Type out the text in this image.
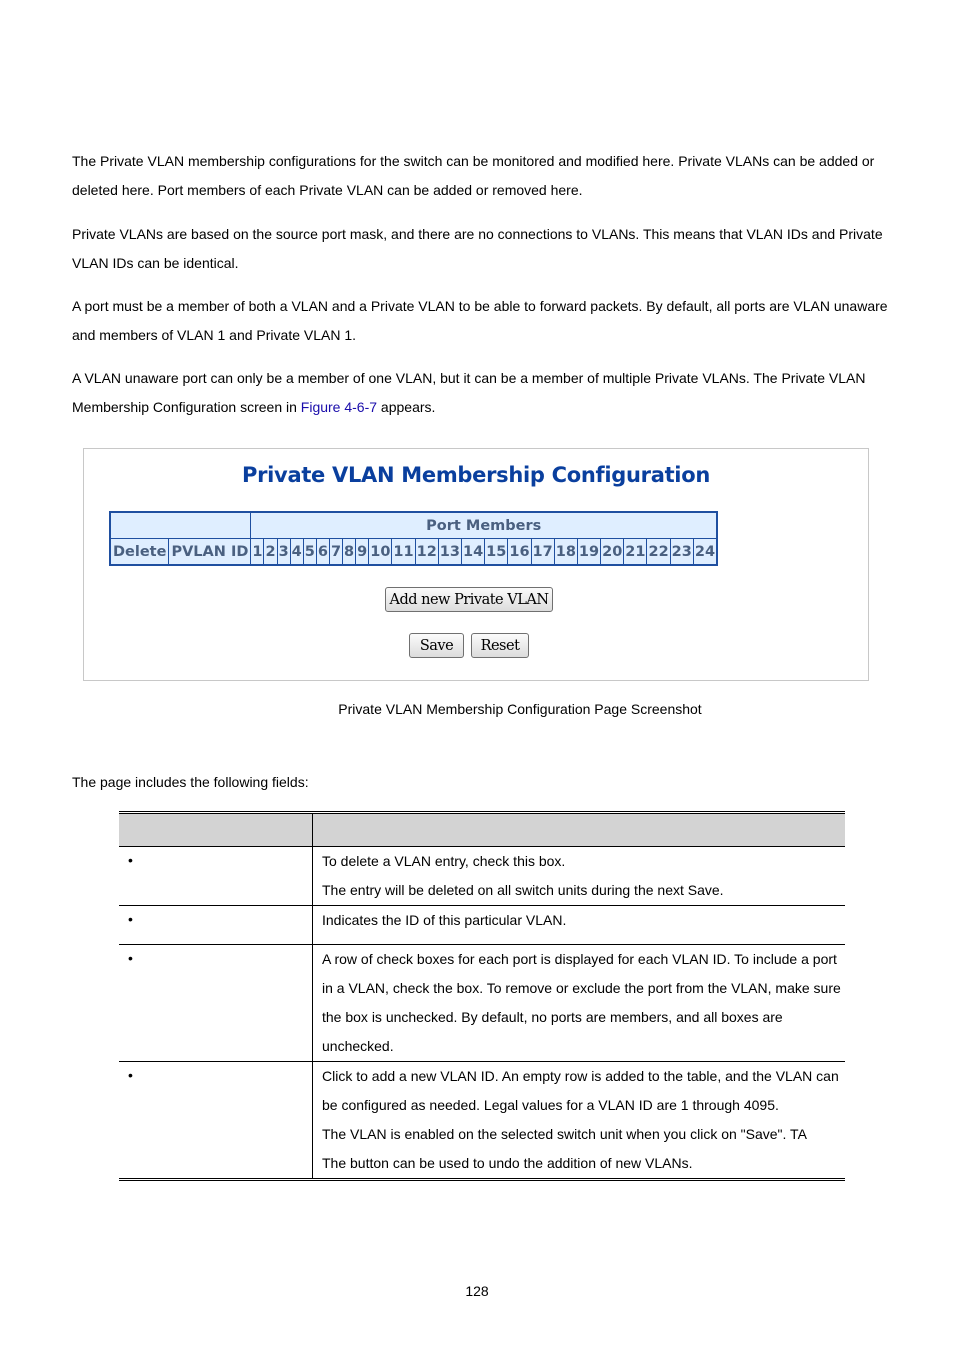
The Private VLAN membership configurations for the switch can be monitored and modified here. Private VLANs can be added or deleted here. Port members of each Private VLAN can be added or removed here.

Private VLANs are based on the source port mask, and there are no connections to VLANs. This means that VLAN IDs and Private VLAN IDs can be identical.

A port must be a member of both a VLAN and a Private VLAN to be able to forward packets. By default, all ports are VLAN unaware and members of VLAN 1 and Private VLAN 1.

A VLAN unaware port can only be a member of one VLAN, but it can be a member of multiple Private VLANs. The Private VLAN Membership Configuration screen in Figure 4-6-7 appears.

Private VLAN Membership Configuration
		Port Members																							
Delete	PVLAN ID	1	2	3	4	5	6	7	8	9	10	11	12	13	14	15	16	17	18	19	20	21	22	23	24
Add new Private VLAN
Save	Reset
Private VLAN Membership Configuration Page Screenshot

The page includes the following fields:

•	To delete a VLAN entry, check this box.
The entry will be deleted on all switch units during the next Save.

•	Indicates the ID of this particular VLAN.

•	A row of check boxes for each port is displayed for each VLAN ID. To include a port in a VLAN, check the box. To remove or exclude the port from the VLAN, make sure the box is unchecked. By default, no ports are members, and all boxes are unchecked.

•	Click to add a new VLAN ID. An empty row is added to the table, and the VLAN can be configured as needed. Legal values for a VLAN ID are 1 through 4095.
The VLAN is enabled on the selected switch unit when you click on "Save". TA
The button can be used to undo the addition of new VLANs.
128
